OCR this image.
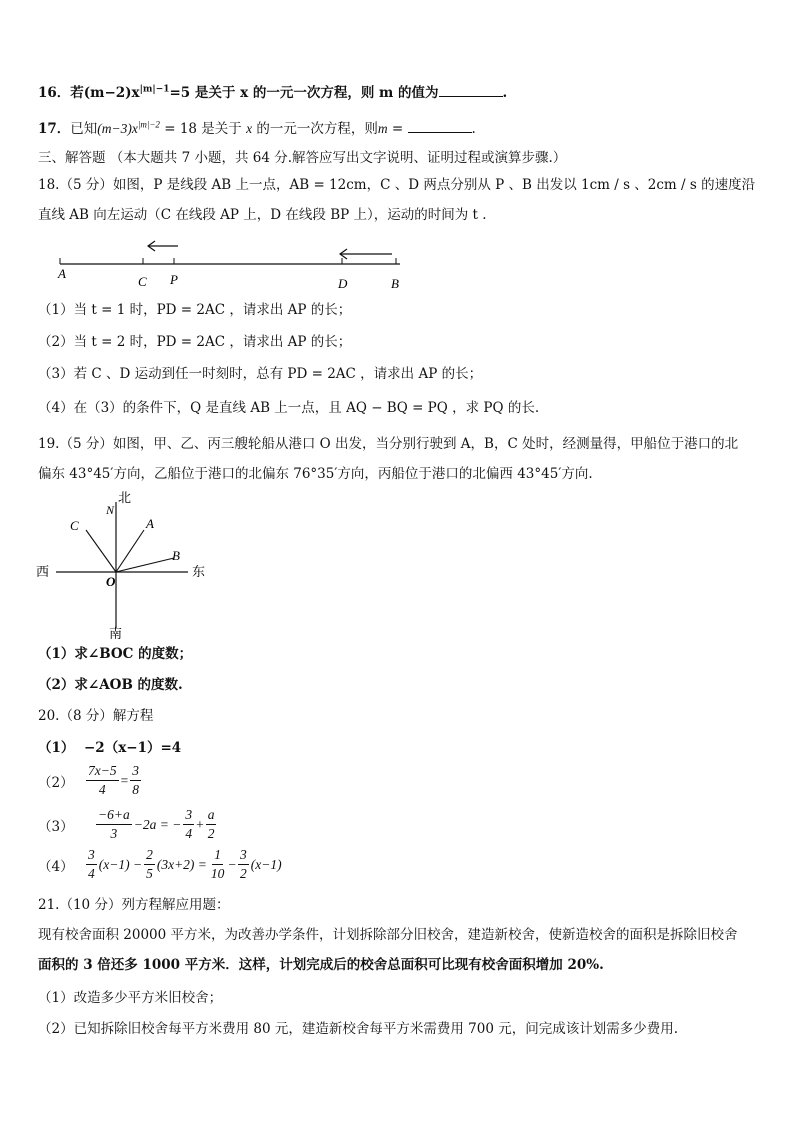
16．若$(m-2)x^{|m|-1}=5$ 是关于 x 的一元一次方程，则 m 的值为	.
17．已知$(m-3)x^{|m|-2} = 18$ 是关于 x 的一元一次方程，则m =	.
三、解答题 （本大题共 7 小题，共 64 分.解答应写出文字说明、证明过程或演算步骤.）
18.（5 分）如图，P 是线段 AB 上一点，AB = 12cm，C 、D 两点分别从 P 、B 出发以 1cm / s 、2cm / s 的速度沿
直线 AB 向左运动（C 在线段 AP 上，D 在线段 BP 上），运动的时间为 t .
A
C P	D	B
（1）当 t = 1 时，PD = 2AC ，请求出 AP 的长；
（2）当 t = 2 时，PD = 2AC ，请求出 AP 的长；
（3）若 C 、D 运动到任一时刻时，总有 PD = 2AC ，请求出 AP 的长；
（4）在（3）的条件下，Q 是直线 AB 上一点，且 AQ − BQ = PQ ，求 PQ 的长.
19.（5 分）如图，甲、乙、丙三艘轮船从港口 O 出发，当分别行驶到 A，B，C 处时，经测量得，甲船位于港口的北
偏东 43°45′方向，乙船位于港口的北偏东 76°35′方向，丙船位于港口的北偏西 43°45′方向.
北
N
C	A
B
西	东
O
南
（1）求∠BOC 的度数；
（2）求∠AOB 的度数.
20.（8 分）解方程
（1） −2（x−1）=4
$(2) \frac{7x-5}{4} = \frac{3}{8}$
（3）	$\frac{-6+a}{3} -2a$ = − $\frac{3}{4} + \frac{a}{2}$
$(4) \frac{3}{4} (x-1) - \frac{2}{5} (3x+2) = \frac{1}{10} - \frac{3}{2} (x-1)$
21.（10 分）列方程解应用题：
现有校舍面积 20000 平方米，为改善办学条件，计划拆除部分旧校舍，建造新校舍，使新造校舍的面积是拆除旧校舍
面积的 3 倍还多 1000 平方米．这样，计划完成后的校舍总面积可比现有校舍面积增加 20%.
（1）改造多少平方米旧校舍；
（2）已知拆除旧校舍每平方米费用 80 元，建造新校舍每平方米需费用 700 元，问完成该计划需多少费用.
